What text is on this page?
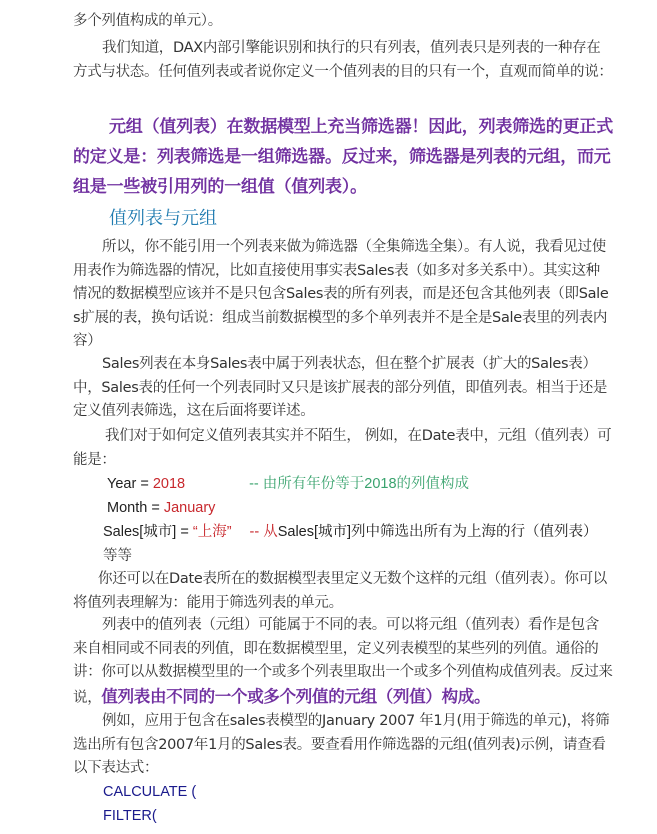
多个列值构成的单元）。

我们知道，DAX内部引擎能识别和执行的只有列表，值列表只是列表的一种存在方式与状态。任何值列表或者说你定义一个值列表的目的只有一个，直观而简单的说：

元组（值列表）在数据模型上充当筛选器！因此，列表筛选的更正式的定义是：列表筛选是一组筛选器。反过来，筛选器是列表的元组，而元组是一些被引用列的一组值（值列表）。

值列表与元组

所以，你不能引用一个列表来做为筛选器（全集筛选全集）。有人说，我看见过使用表作为筛选器的情况，比如直接使用事实表Sales表（如多对多关系中）。其实这种情况的数据模型应该并不是只包含Sales表的所有列表，而是还包含其他列表（即Sales扩展的表，换句话说：组成当前数据模型的多个单列表并不是全是Sale表里的列表内容）

Sales列表在本身Sales表中属于列表状态，但在整个扩展表（扩大的Sales表）中，Sales表的任何一个列表同时又只是该扩展表的部分列值，即值列表。相当于还是定义值列表筛选，这在后面将要详述。

我们对于如何定义值列表其实并不陌生， 例如，在Date表中，元组（值列表）可能是：

Year = 2018	-- 由所有年份等于2018的列值构成

Month = January

Sales[城市] = “上海” -- 从Sales[城市]列中筛选出所有为上海的行（值列表）

等等

你还可以在Date表所在的数据模型表里定义无数个这样的元组（值列表）。你可以将值列表理解为：能用于筛选列表的单元。

列表中的值列表（元组）可能属于不同的表。可以将元组（值列表）看作是包含来自相同或不同表的列值，即在数据模型里，定义列表模型的某些列的列值。通俗的讲：你可以从数据模型里的一个或多个列表里取出一个或多个列值构成值列表。反过来说，值列表由不同的一个或多个列值的元组（列值）构成。

例如，应用于包含在sales表模型的January 2007 年1月(用于筛选的单元)，将筛选出所有包含2007年1月的Sales表。要查看用作筛选器的元组(值列表)示例，请查看以下表达式：

CALCULATE (

FILTER(
